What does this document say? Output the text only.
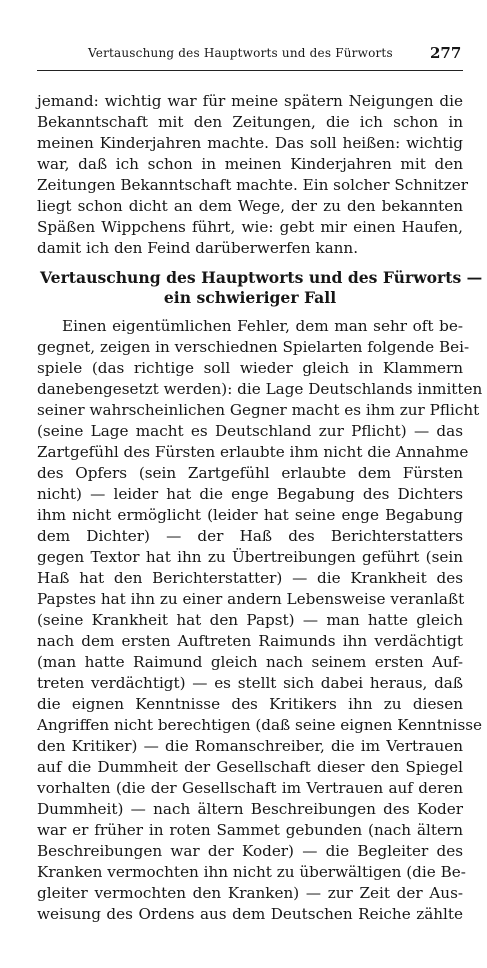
Vertauschung des Hauptworts und des Fürworts	277
jemand: wichtig war für meine spätern Neigungen die
Bekanntschaft mit den Zeitungen, die ich schon in
meinen Kinderjahren machte. Das soll heißen: wichtig
war, daß ich schon in meinen Kinderjahren mit den
Zeitungen Bekanntschaft machte. Ein solcher Schnitzer
liegt schon dicht an dem Wege, der zu den bekannten
Späßen Wippchens führt, wie: gebt mir einen Haufen,
damit ich den Feind darüberwerfen kann.
Vertauschung des Hauptworts und des Fürworts —
ein schwieriger Fall
Einen eigentümlichen Fehler, dem man sehr oft be-
gegnet, zeigen in verschiednen Spielarten folgende Bei-
spiele (das richtige soll wieder gleich in Klammern
danebengesetzt werden): die Lage Deutschlands inmitten
seiner wahrscheinlichen Gegner macht es ihm zur Pflicht
(seine Lage macht es Deutschland zur Pflicht) — das
Zartgefühl des Fürsten erlaubte ihm nicht die Annahme
des Opfers (sein Zartgefühl erlaubte dem Fürsten
nicht) — leider hat die enge Begabung des Dichters
ihm nicht ermöglicht (leider hat seine enge Begabung
dem Dichter) — der Haß des Berichterstatters
gegen Textor hat ihn zu Übertreibungen geführt (sein
Haß hat den Berichterstatter) — die Krankheit des
Papstes hat ihn zu einer andern Lebensweise veranlaßt
(seine Krankheit hat den Papst) — man hatte gleich
nach dem ersten Auftreten Raimunds ihn verdächtigt
(man hatte Raimund gleich nach seinem ersten Auf-
treten verdächtigt) — es stellt sich dabei heraus, daß
die eignen Kenntnisse des Kritikers ihn zu diesen
Angriffen nicht berechtigen (daß seine eignen Kenntnisse
den Kritiker) — die Romanschreiber, die im Vertrauen
auf die Dummheit der Gesellschaft dieser den Spiegel
vorhalten (die der Gesellschaft im Vertrauen auf deren
Dummheit) — nach ältern Beschreibungen des Koder
war er früher in roten Sammet gebunden (nach ältern
Beschreibungen war der Koder) — die Begleiter des
Kranken vermochten ihn nicht zu überwältigen (die Be-
gleiter vermochten den Kranken) — zur Zeit der Aus-
weisung des Ordens aus dem Deutschen Reiche zählte
